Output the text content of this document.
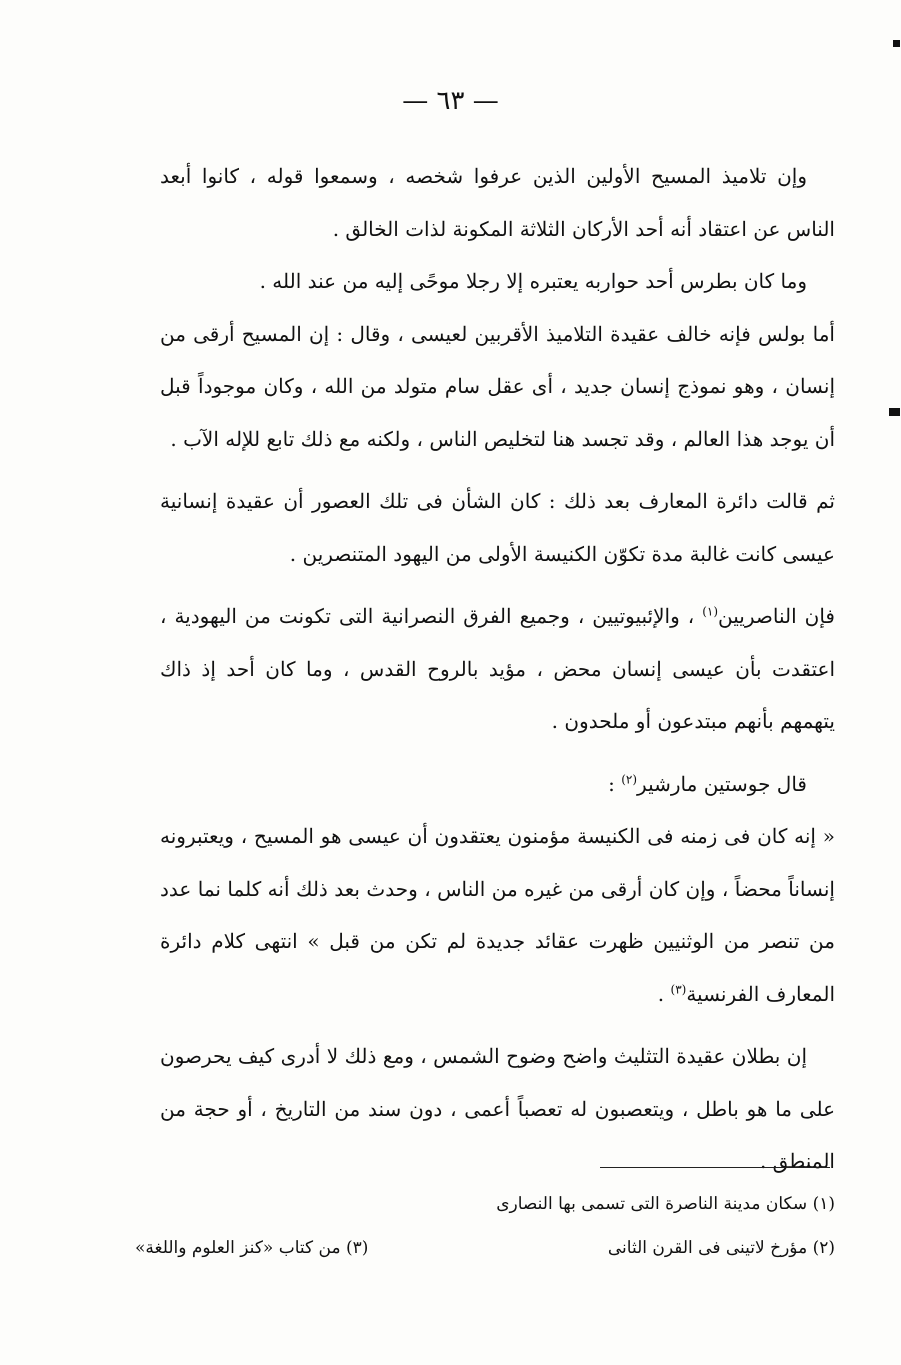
— ٦٣ —

وإن تلاميذ المسيح الأولين الذين عرفوا شخصه ، وسمعوا قوله ، كانوا أبعد الناس عن اعتقاد أنه أحد الأركان الثلاثة المكونة لذات الخالق .

وما كان بطرس أحد حواربه يعتبره إلا رجلا موحًى إليه من عند الله .

أما بولس فإنه خالف عقيدة التلاميذ الأقربين لعيسى ، وقال : إن المسيح أرقى من إنسان ، وهو نموذج إنسان جديد ، أى عقل سام متولد من الله ، وكان موجوداً قبل أن يوجد هذا العالم ، وقد تجسد هنا لتخليص الناس ، ولكنه مع ذلك تابع للإله الآب .

ثم قالت دائرة المعارف بعد ذلك : كان الشأن فى تلك العصور أن عقيدة إنسانية عيسى كانت غالبة مدة تكوّن الكنيسة الأولى من اليهود المتنصرين .

فإن الناصريين$^{(١)}$ ، والإئبيوتيين ، وجميع الفرق النصرانية التى تكونت من اليهودية ، اعتقدت بأن عيسى إنسان محض ، مؤيد بالروح القدس ، وما كان أحد إذ ذاك يتهمهم بأنهم مبتدعون أو ملحدون .

قال جوستين مارشير$^{(٢)}$ :

« إنه كان فى زمنه فى الكنيسة مؤمنون يعتقدون أن عيسى هو المسيح ، ويعتبرونه إنساناً محضاً ، وإن كان أرقى من غيره من الناس ، وحدث بعد ذلك أنه كلما نما عدد من تنصر من الوثنيين ظهرت عقائد جديدة لم تكن من قبل » انتهى كلام دائرة المعارف الفرنسية$^{(٣)}$ .

إن بطلان عقيدة التثليث واضح وضوح الشمس ، ومع ذلك لا أدرى كيف يحرصون على ما هو باطل ، ويتعصبون له تعصباً أعمى ، دون سند من التاريخ ، أو حجة من المنطق .

(١) سكان مدينة الناصرة التى تسمى بها النصارى

(٢) مؤرخ لاتينى فى القرن الثانى
(٣) من كتاب «كنز العلوم واللغة»
